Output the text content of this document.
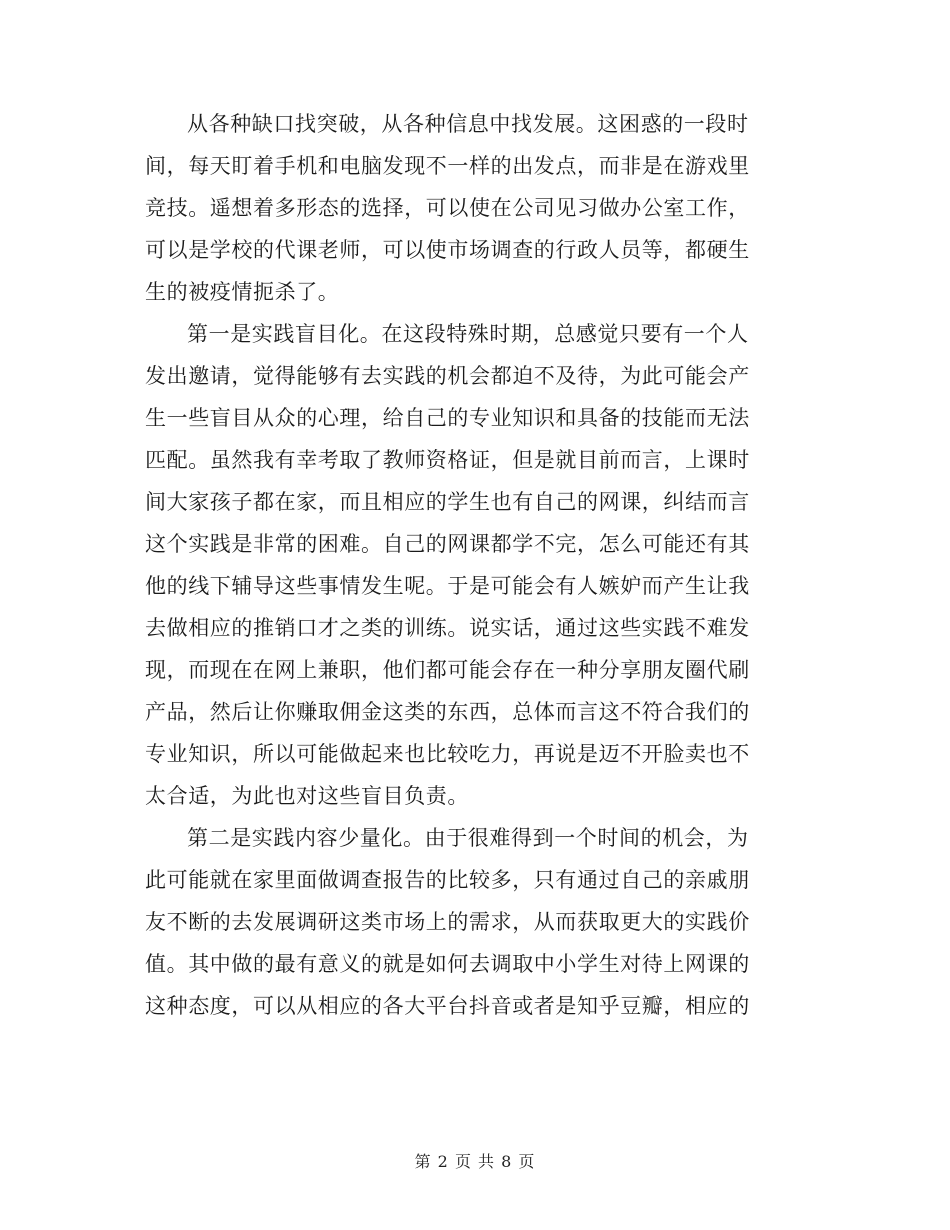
从各种缺口找突破，从各种信息中找发展。这困惑的一段时
间，每天盯着手机和电脑发现不一样的出发点，而非是在游戏里
竞技。遥想着多形态的选择，可以使在公司见习做办公室工作，
可以是学校的代课老师，可以使市场调查的行政人员等，都硬生
生的被疫情扼杀了。
第一是实践盲目化。在这段特殊时期，总感觉只要有一个人
发出邀请，觉得能够有去实践的机会都迫不及待，为此可能会产
生一些盲目从众的心理，给自己的专业知识和具备的技能而无法
匹配。虽然我有幸考取了教师资格证，但是就目前而言，上课时
间大家孩子都在家，而且相应的学生也有自己的网课，纠结而言
这个实践是非常的困难。自己的网课都学不完，怎么可能还有其
他的线下辅导这些事情发生呢。于是可能会有人嫉妒而产生让我
去做相应的推销口才之类的训练。说实话，通过这些实践不难发
现，而现在在网上兼职，他们都可能会存在一种分享朋友圈代刷
产品，然后让你赚取佣金这类的东西，总体而言这不符合我们的
专业知识，所以可能做起来也比较吃力，再说是迈不开脸卖也不
太合适，为此也对这些盲目负责。
第二是实践内容少量化。由于很难得到一个时间的机会，为
此可能就在家里面做调查报告的比较多，只有通过自己的亲戚朋
友不断的去发展调研这类市场上的需求，从而获取更大的实践价
值。其中做的最有意义的就是如何去调取中小学生对待上网课的
这种态度，可以从相应的各大平台抖音或者是知乎豆瓣，相应的
第 2 页 共 8 页
